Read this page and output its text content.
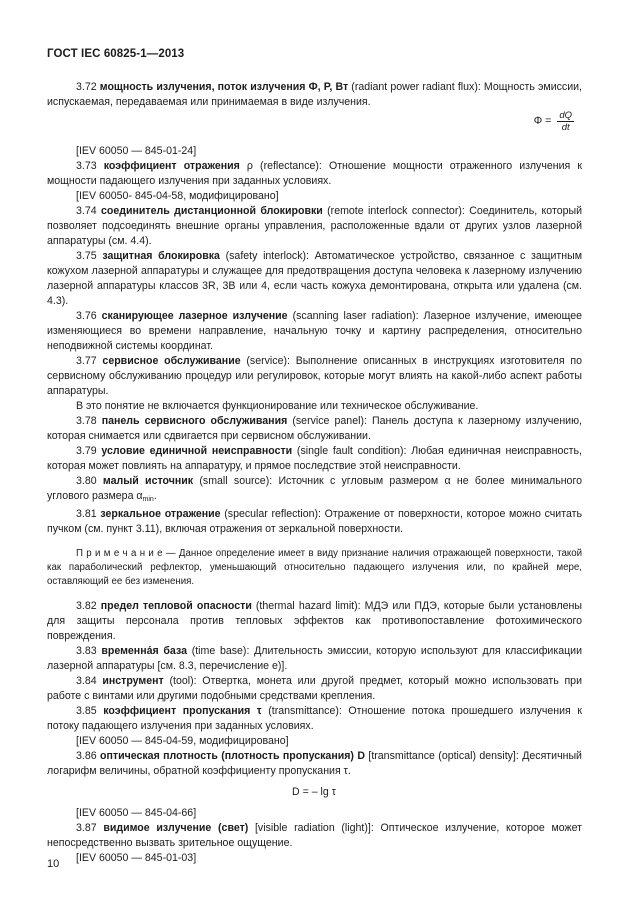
ГОСТ IEC 60825-1—2013

3.72 мощность излучения, поток излучения Ф, P, Вт (radiant power radiant flux): Мощность эмиссии, испускаемая, передаваемая или принимаемая в виде излучения.

$\Phi = \frac{dQ}{dt}$

[IEV 60050 — 845-01-24]

3.73 коэффициент отражения ρ (reflectance): Отношение мощности отраженного излучения к мощности падающего излучения при заданных условиях.

[IEV 60050- 845-04-58, модифицировано]

3.74 соединитель дистанционной блокировки (remote interlock connector): Соединитель, который позволяет подсоединять внешние органы управления, расположенные вдали от других узлов лазерной аппаратуры (см. 4.4).

3.75 защитная блокировка (safety interlock): Автоматическое устройство, связанное с защитным кожухом лазерной аппаратуры и служащее для предотвращения доступа человека к лазерному излучению лазерной аппаратуры классов 3R, 3B или 4, если часть кожуха демонтирована, открыта или удалена (см. 4.3).

3.76 сканирующее лазерное излучение (scanning laser radiation): Лазерное излучение, имеющее изменяющиеся во времени направление, начальную точку и картину распределения, относительно неподвижной системы координат.

3.77 сервисное обслуживание (service): Выполнение описанных в инструкциях изготовителя по сервисному обслуживанию процедур или регулировок, которые могут влиять на какой-либо аспект работы аппаратуры.

В это понятие не включается функционирование или техническое обслуживание.

3.78 панель сервисного обслуживания (service panel): Панель доступа к лазерному излучению, которая снимается или сдвигается при сервисном обслуживании.

3.79 условие единичной неисправности (single fault condition): Любая единичная неисправность, которая может повлиять на аппаратуру, и прямое последствие этой неисправности.

3.80 малый источник (small source): Источник с угловым размером α не более минимального углового размера $\alpha_{min}$.

3.81 зеркальное отражение (specular reflection): Отражение от поверхности, которое можно считать пучком (см. пункт 3.11), включая отражения от зеркальной поверхности.

П р и м е ч а н и е — Данное определение имеет в виду признание наличия отражающей поверхности, такой как параболический рефлектор, уменьшающий относительно падающего излучения или, по крайней мере, оставляющий ее без изменения.

3.82 предел тепловой опасности (thermal hazard limit): МДЭ или ПДЭ, которые были установлены для защиты персонала против тепловых эффектов как противопоставление фотохимического повреждения.

3.83 временна́я база (time base): Длительность эмиссии, которую используют для классификации лазерной аппаратуры [см. 8.3, перечисление е)].

3.84 инструмент (tool): Отвертка, монета или другой предмет, который можно использовать при работе с винтами или другими подобными средствами крепления.

3.85 коэффициент пропускания τ (transmittance): Отношение потока прошедшего излучения к потоку падающего излучения при заданных условиях.

[IEV 60050 — 845-04-59, модифицировано]

3.86 оптическая плотность (плотность пропускания) D [transmittance (optical) density]: Десятичный логарифм величины, обратной коэффициенту пропускания τ.

D = – lg τ

[IEV 60050 — 845-04-66]

3.87 видимое излучение (свет) [visible radiation (light)]: Оптическое излучение, которое может непосредственно вызвать зрительное ощущение.

[IEV 60050 — 845-01-03]

10
